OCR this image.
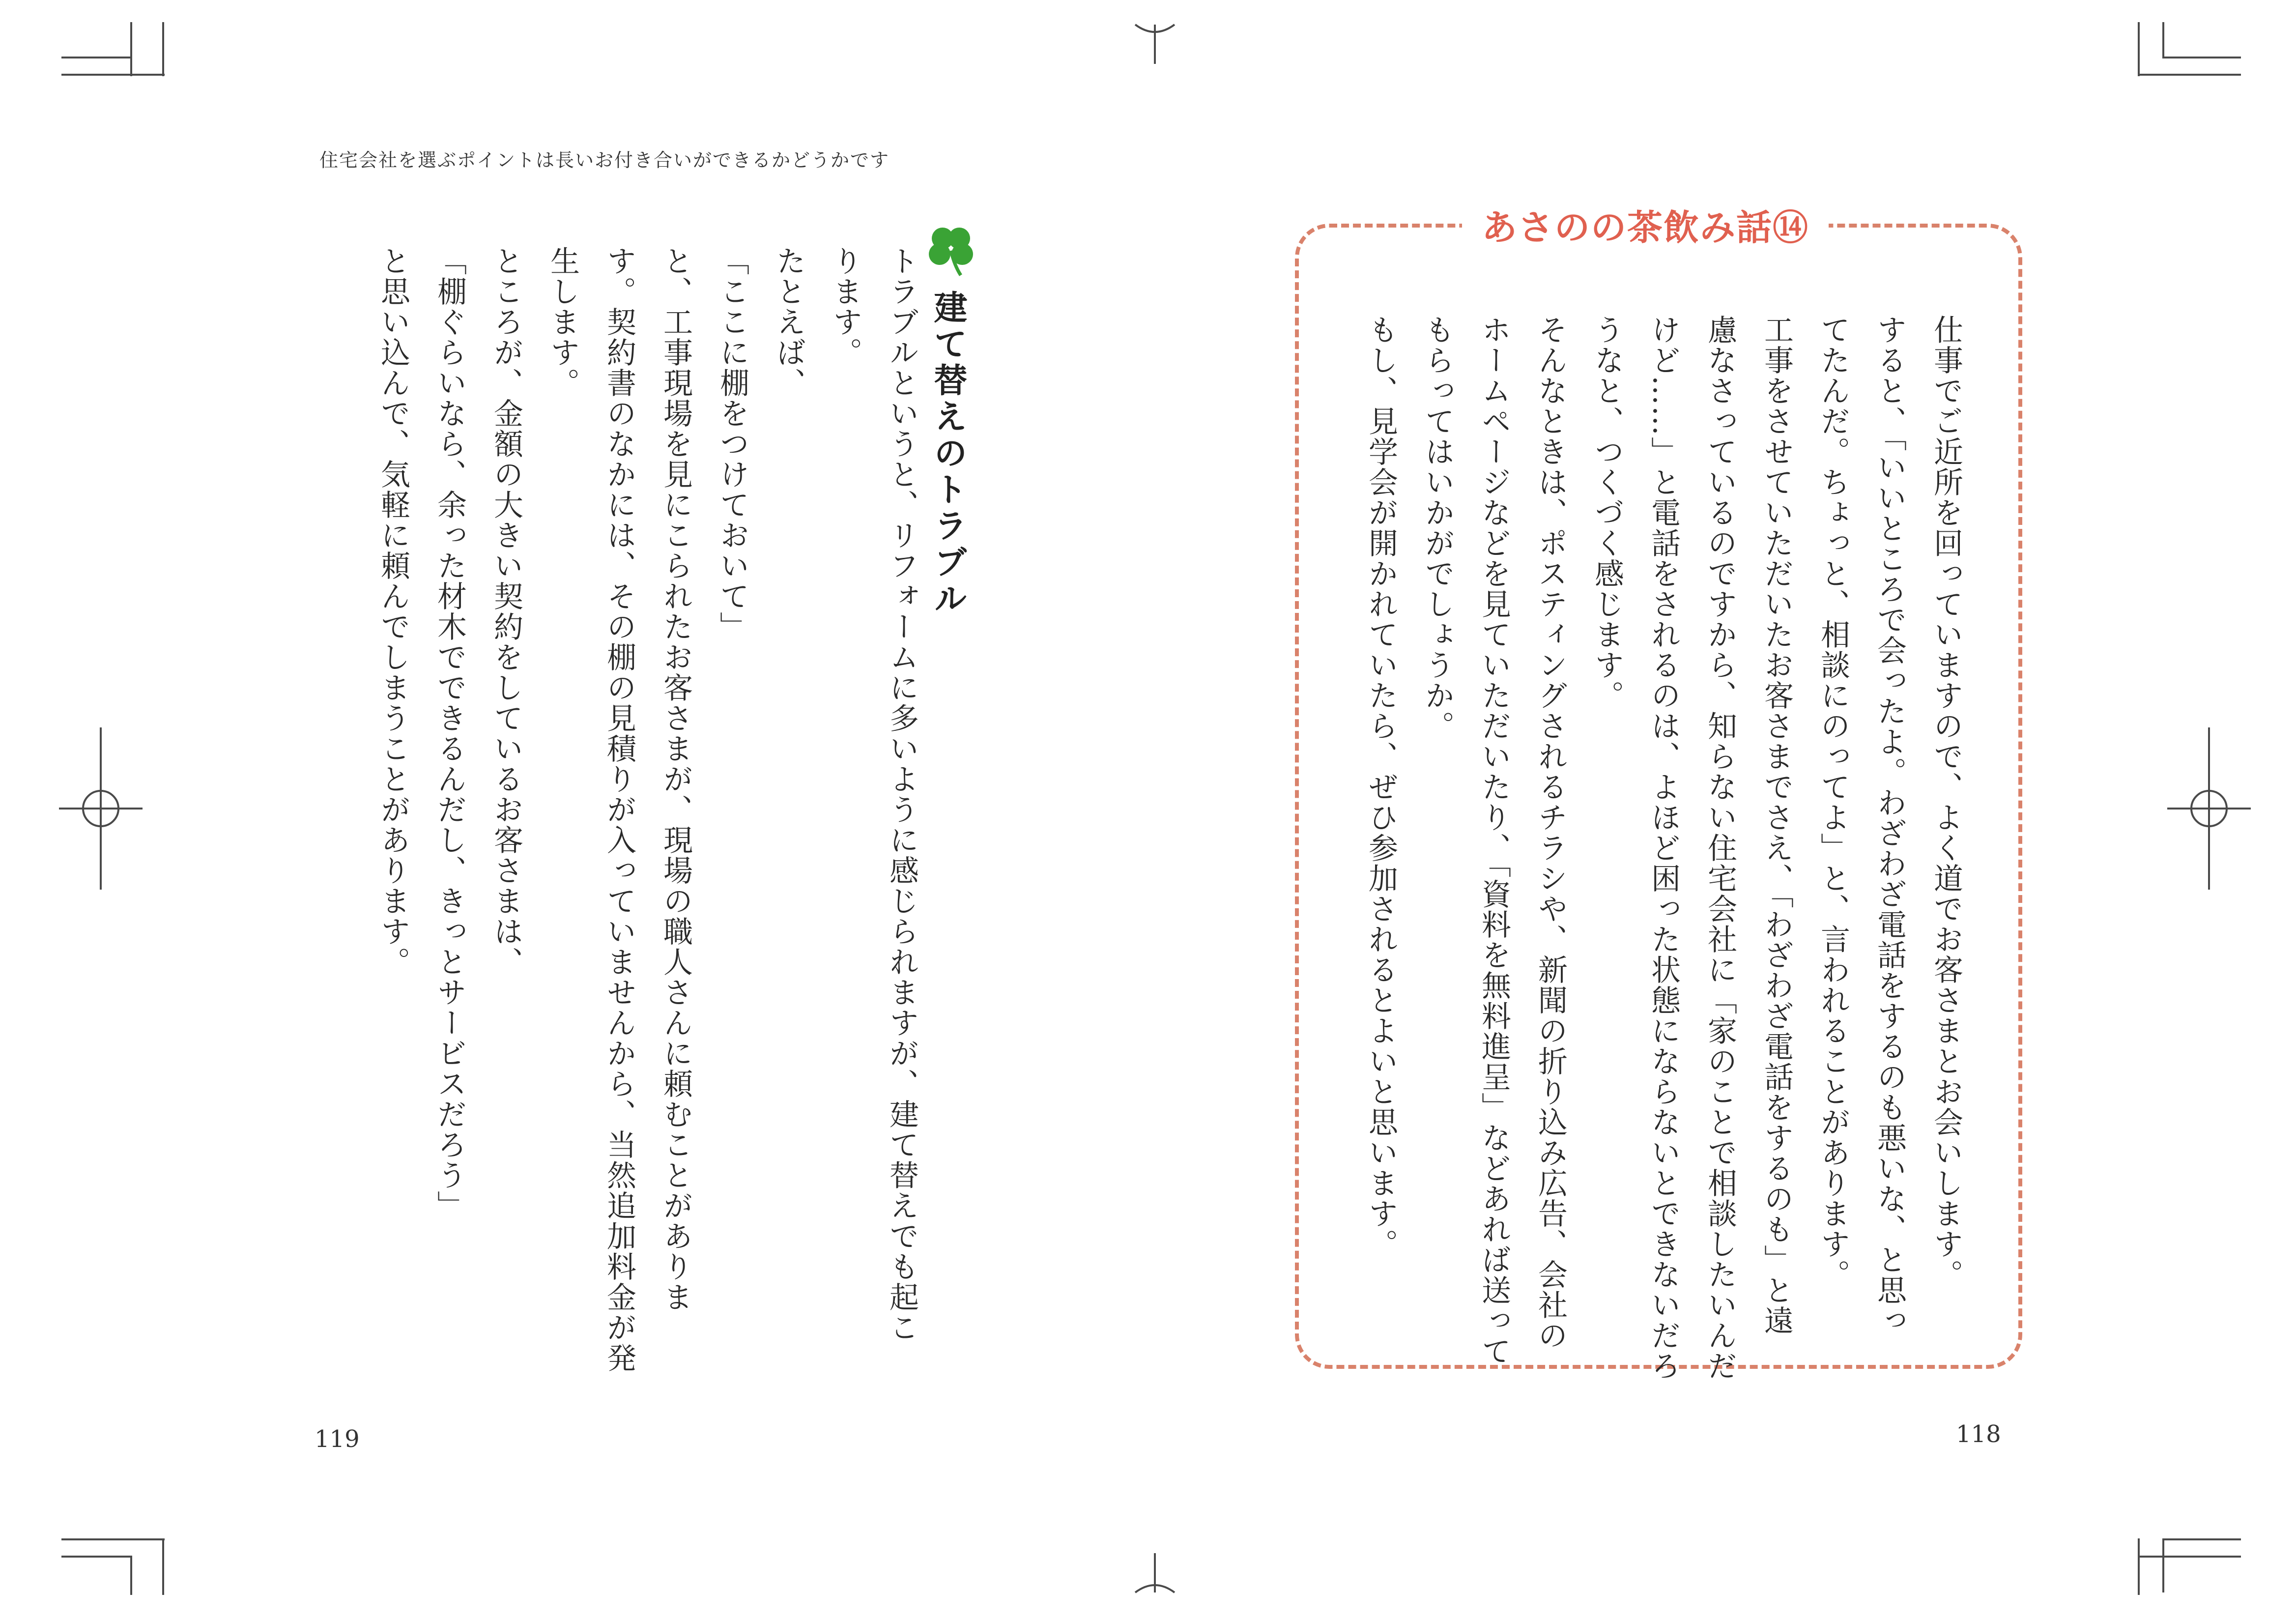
住宅会社を選ぶポイントは長いお付き合いができるかどうかです
建て替えのトラブル
トラブルというと、リフォームに多いように感じられますが、建て替えでも起こ
ります。
たとえば、
「ここに棚をつけておいて」
と、工事現場を見にこられたお客さまが、現場の職人さんに頼むことがありま
す。契約書のなかには、その棚の見積りが入っていませんから、当然追加料金が発
生します。
ところが、金額の大きい契約をしているお客さまは、
「棚ぐらいなら、余った材木でできるんだし、きっとサービスだろう」
と思い込んで、気軽に頼んでしまうことがあります。
119
あさのの茶飲み話⑭
仕事でご近所を回っていますので、よく道でお客さまとお会いします。
すると、「いいところで会ったよ。わざわざ電話をするのも悪いな、と思っ
てたんだ。ちょっと、相談にのってよ」と、言われることがあります。
工事をさせていただいたお客さまでさえ、「わざわざ電話をするのも」と遠
慮なさっているのですから、知らない住宅会社に「家のことで相談したいんだ
けど……」と電話をされるのは、よほど困った状態にならないとできないだろ
うなと、つくづく感じます。
そんなときは、ポスティングされるチラシや、新聞の折り込み広告、会社の
ホームページなどを見ていただいたり、「資料を無料進呈」などあれば送って
もらってはいかがでしょうか。
もし、見学会が開かれていたら、ぜひ参加されるとよいと思います。
118
